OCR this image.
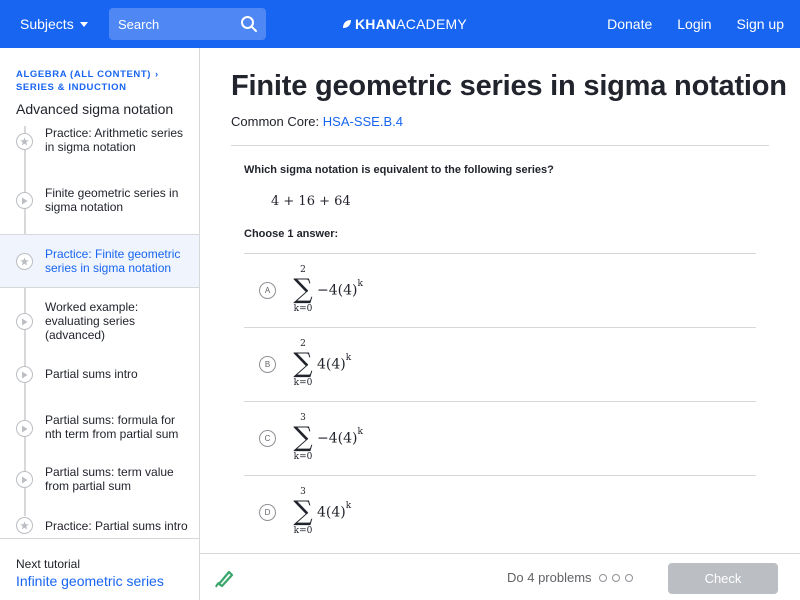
Subjects	Search	KHAN ACADEMY	Donate Login Sign up
ALGEBRA (ALL CONTENT) ›
SERIES & INDUCTION
Advanced sigma notation
Practice: Arithmetic series in sigma notation
Finite geometric series in sigma notation
Practice: Finite geometric series in sigma notation
Worked example: evaluating series (advanced)
Partial sums intro
Partial sums: formula for nth term from partial sum
Partial sums: term value from partial sum
Practice: Partial sums intro
Next tutorial
Infinite geometric series
Finite geometric series in sigma notation
Common Core: HSA-SSE.B.4
Which sigma notation is equivalent to the following series?
4 + 16 + 64
Choose 1 answer:
A
2
∑
k=0
$-4(4)^k$
B
2
∑
k=0
$4(4)^k$
C
3
∑
k=0
$-4(4)^k$
D
3
∑
k=0
$4(4)^k$
Do 4 problems	Check
